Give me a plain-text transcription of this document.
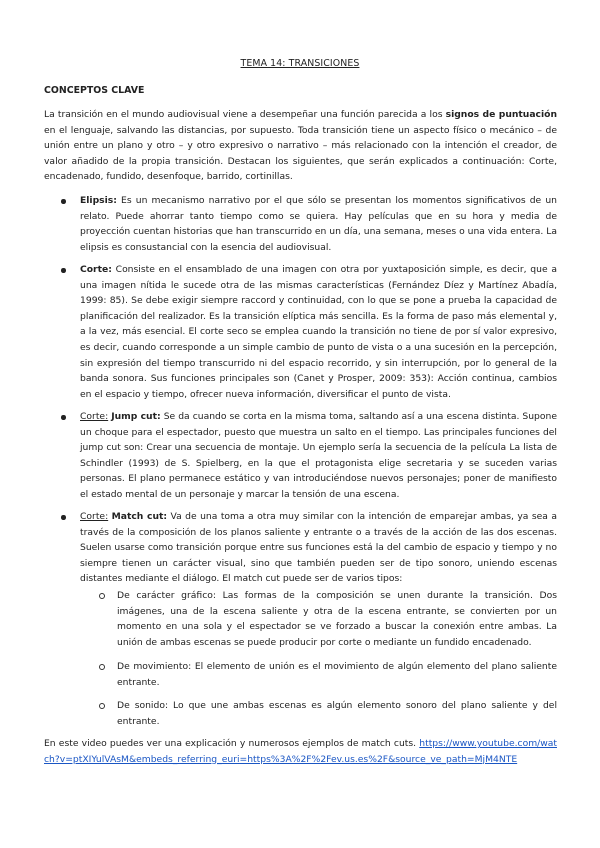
TEMA 14: TRANSICIONES
CONCEPTOS CLAVE
La transición en el mundo audiovisual viene a desempeñar una función parecida a los signos de puntuación en el lenguaje, salvando las distancias, por supuesto. Toda transición tiene un aspecto físico o mecánico – de unión entre un plano y otro – y otro expresivo o narrativo – más relacionado con la intención el creador, de valor añadido de la propia transición. Destacan los siguientes, que serán explicados a continuación: Corte, encadenado, fundido, desenfoque, barrido, cortinillas.
Elipsis: Es un mecanismo narrativo por el que sólo se presentan los momentos significativos de un relato. Puede ahorrar tanto tiempo como se quiera. Hay películas que en su hora y media de proyección cuentan historias que han transcurrido en un día, una semana, meses o una vida entera. La elipsis es consustancial con la esencia del audiovisual.
Corte: Consiste en el ensamblado de una imagen con otra por yuxtaposición simple, es decir, que a una imagen nítida le sucede otra de las mismas características (Fernández Díez y Martínez Abadía, 1999: 85). Se debe exigir siempre raccord y continuidad, con lo que se pone a prueba la capacidad de planificación del realizador. Es la transición elíptica más sencilla. Es la forma de paso más elemental y, a la vez, más esencial. El corte seco se emplea cuando la transición no tiene de por sí valor expresivo, es decir, cuando corresponde a un simple cambio de punto de vista o a una sucesión en la percepción, sin expresión del tiempo transcurrido ni del espacio recorrido, y sin interrupción, por lo general de la banda sonora. Sus funciones principales son (Canet y Prosper, 2009: 353): Acción continua, cambios en el espacio y tiempo, ofrecer nueva información, diversificar el punto de vista.
Corte: Jump cut: Se da cuando se corta en la misma toma, saltando así a una escena distinta. Supone un choque para el espectador, puesto que muestra un salto en el tiempo. Las principales funciones del jump cut son: Crear una secuencia de montaje. Un ejemplo sería la secuencia de la película La lista de Schindler (1993) de S. Spielberg, en la que el protagonista elige secretaria y se suceden varias personas. El plano permanece estático y van introduciéndose nuevos personajes; poner de manifiesto el estado mental de un personaje y marcar la tensión de una escena.
Corte: Match cut: Va de una toma a otra muy similar con la intención de emparejar ambas, ya sea a través de la composición de los planos saliente y entrante o a través de la acción de las dos escenas. Suelen usarse como transición porque entre sus funciones está la del cambio de espacio y tiempo y no siempre tienen un carácter visual, sino que también pueden ser de tipo sonoro, uniendo escenas distantes mediante el diálogo. El match cut puede ser de varios tipos:
De carácter gráfico: Las formas de la composición se unen durante la transición. Dos imágenes, una de la escena saliente y otra de la escena entrante, se convierten por un momento en una sola y el espectador se ve forzado a buscar la conexión entre ambas. La unión de ambas escenas se puede producir por corte o mediante un fundido encadenado.
De movimiento: El elemento de unión es el movimiento de algún elemento del plano saliente entrante.
De sonido: Lo que une ambas escenas es algún elemento sonoro del plano saliente y del entrante.
En este video puedes ver una explicación y numerosos ejemplos de match cuts. https://www.youtube.com/watch?v=ptXIYulVAsM&embeds_referring_euri=https%3A%2F%2Fev.us.es%2F&source_ve_path=MjM4NTE
